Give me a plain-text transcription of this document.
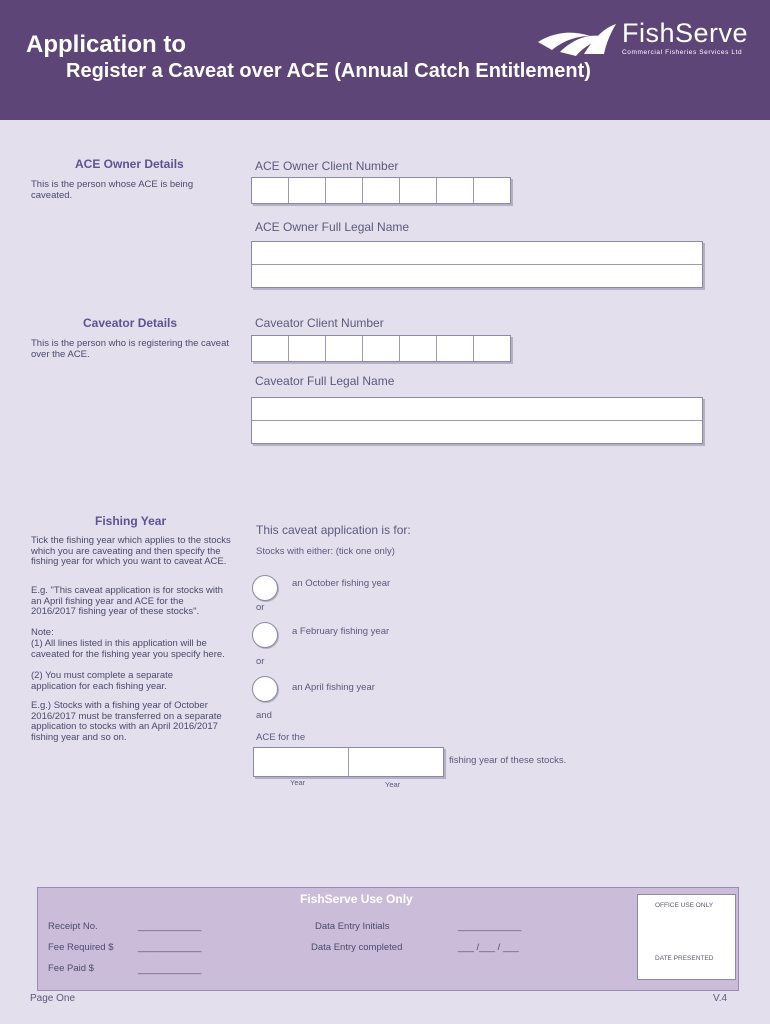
Application to
Register a Caveat over ACE (Annual Catch Entitlement)
FishServe
Commercial Fisheries Services Ltd
ACE Owner Details
This is the person whose ACE is being caveated.
ACE Owner Client Number
ACE Owner Full Legal Name
Caveator Details
This is the person who is registering the caveat over the ACE.
Caveator Client Number
Caveator Full Legal Name
Fishing Year
Tick the fishing year which applies to the stocks which you are caveating and then specify the fishing year for which you want to caveat ACE.
E.g. "This caveat application is for stocks with an April fishing year and ACE for the 2016/2017 fishing year of these stocks".
Note:
(1) All lines listed in this application will be caveated for the fishing year you specify here.
(2) You must complete a separate application for each fishing year.
E.g.) Stocks with a fishing year of October 2016/2017 must be transferred on a separate application to stocks with an April 2016/2017 fishing year and so on.
This caveat application is for:
Stocks with either: (tick one only)
an October fishing year
or
a February fishing year
or
an April fishing year
and
ACE for the
fishing year of these stocks.
Year	Year
FishServe Use Only	OFFICE USE ONLY
DATE PRESENTED
Receipt No.	____________
Fee Required $	____________
Fee Paid $	____________
Data Entry Initials	____________
Data Entry completed	___ /___ / ___
Page One	V.4
